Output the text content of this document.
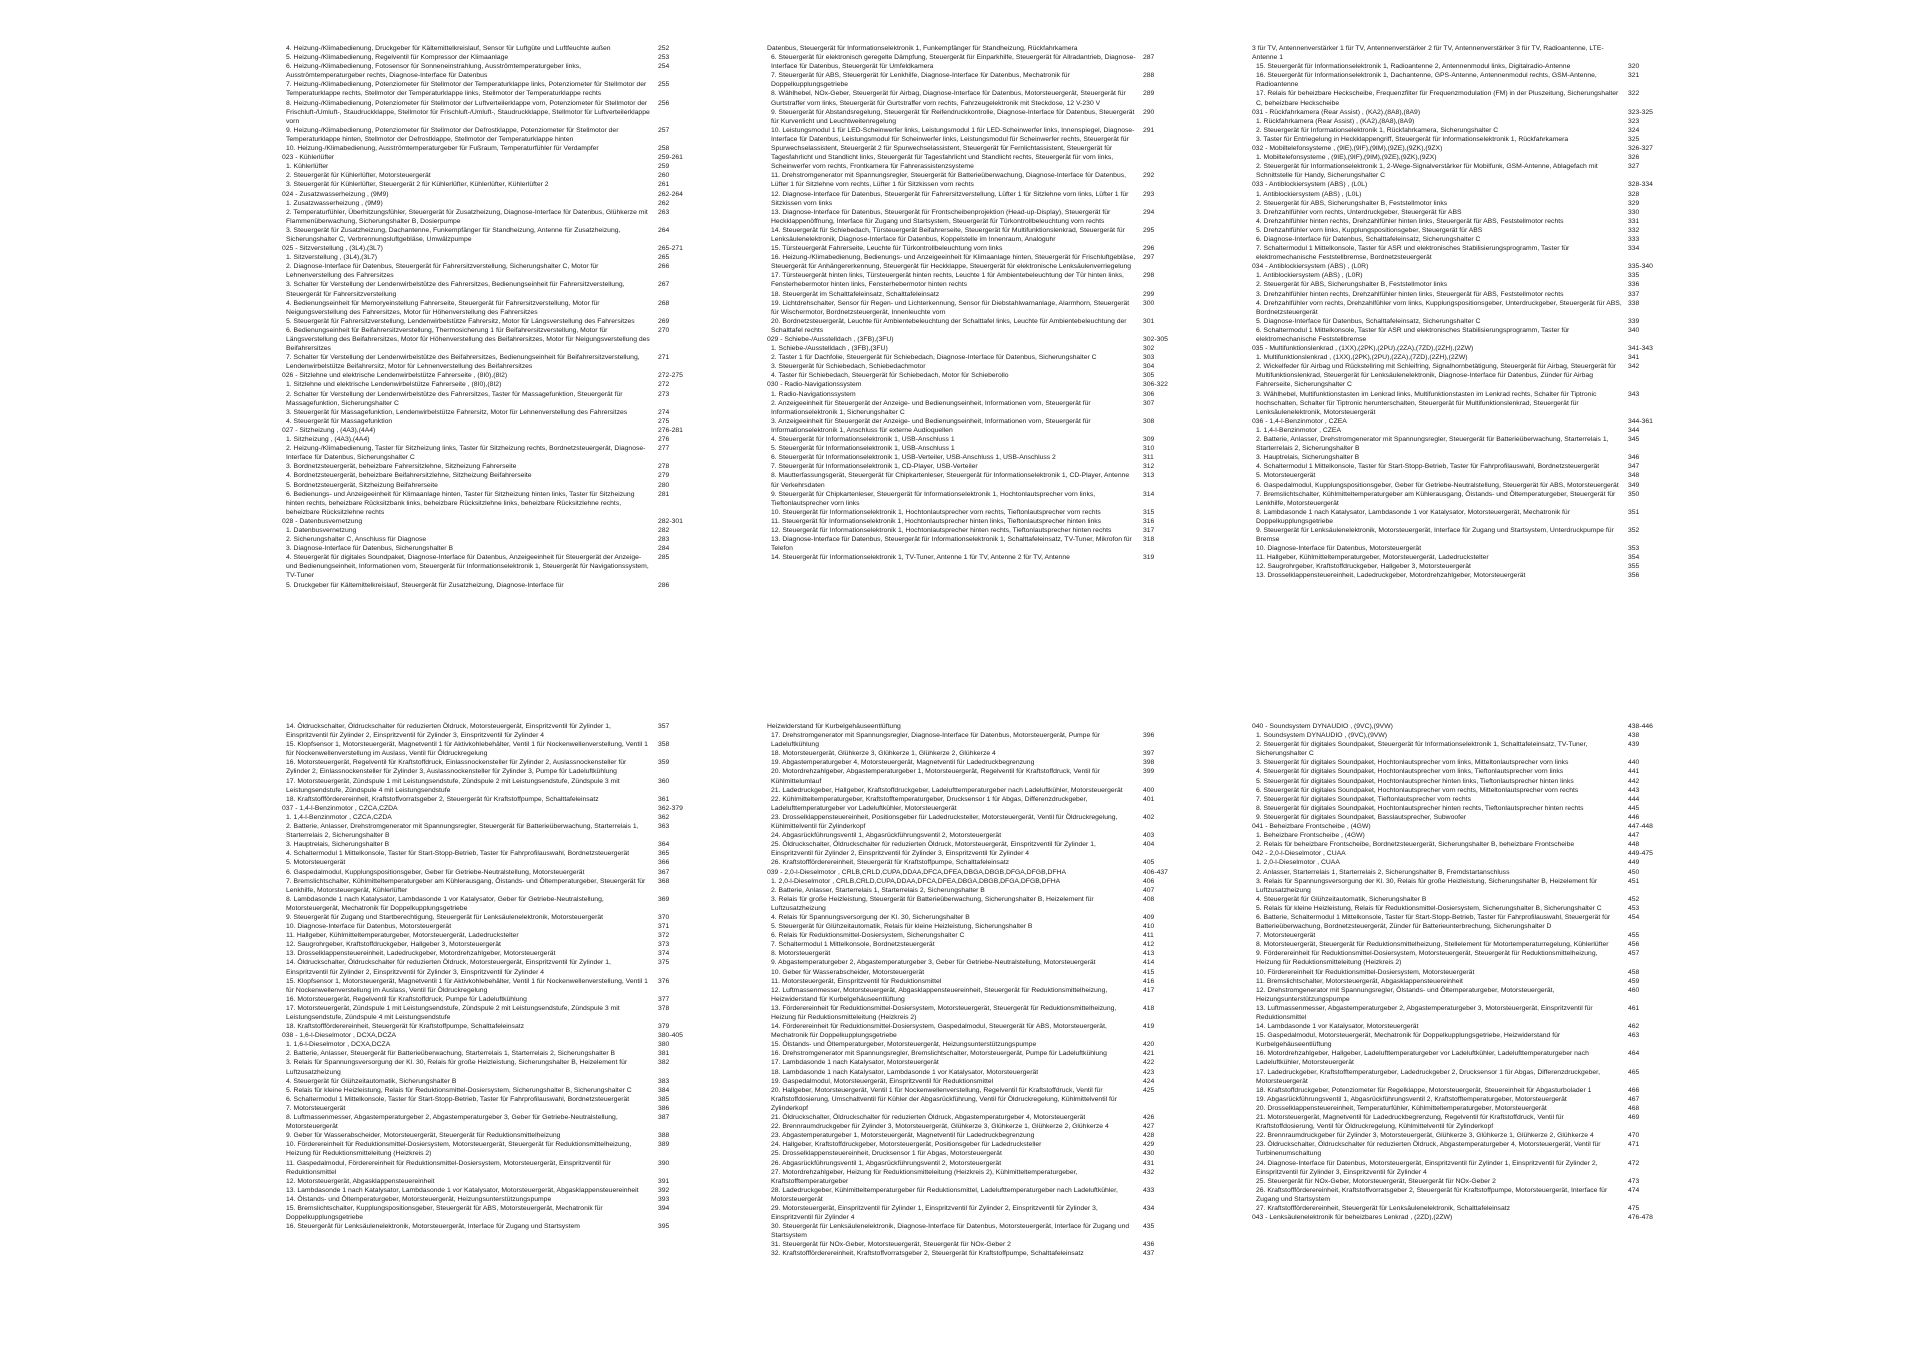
4. Heizung-/Klimabedienung, Druckgeber für Kältemittelkreislauf, Sensor für Luftgüte und Luftfeuchte außen	252
5. Heizung-/Klimabedienung, Regelventil für Kompressor der Klimaanlage	253
6. Heizung-/Klimabedienung, Fotosensor für Sonneneinstrahlung, Ausströmtemperaturgeber links, Ausströmtemperaturgeber rechts, Diagnose-Interface für Datenbus
254
7. Heizung-/Klimabedienung, Potenziometer für Stellmotor der Temperaturklappe links, Potenziometer für Stellmotor der Temperaturklappe rechts, Stellmotor der Temperaturklappe links, Stellmotor der Temperaturklappe rechts
255
8. Heizung-/Klimabedienung, Potenziometer für Stellmotor der Luftverteilerklappe vorn, Potenziometer für Stellmotor der Frischluft-/Umluft-, Staudruckklappe, Stellmotor für Frischluft-/Umluft-, Staudruckklappe, Stellmotor für Luftverteilerklappe vorn
256
9. Heizung-/Klimabedienung, Potenziometer für Stellmotor der Defrostklappe, Potenziometer für Stellmotor der Temperaturklappe hinten, Stellmotor der Defrostklappe, Stellmotor der Temperaturklappe hinten
257
10. Heizung-/Klimabedienung, Ausströmtemperaturgeber für Fußraum, Temperaturfühler für Verdampfer	258
023 - Kühlerlüfter	259-261
1. Kühlerlüfter	259
2. Steuergerät für Kühlerlüfter, Motorsteuergerät	260
3. Steuergerät für Kühlerlüfter, Steuergerät 2 für Kühlerlüfter, Kühlerlüfter, Kühlerlüfter 2	261
024 - Zusatzwasserheizung , (9M9)	262-264
1. Zusatzwasserheizung , (9M9)	262
2. Temperaturfühler, Überhitzungsfühler, Steuergerät für Zusatzheizung, Diagnose-Interface für Datenbus, Glühkerze mit Flammenüberwachung, Sicherungshalter B, Dosierpumpe
263
3. Steuergerät für Zusatzheizung, Dachantenne, Funkempfänger für Standheizung, Antenne für Zusatzheizung, Sicherungshalter C, Verbrennungsluftgebläse, Umwälzpumpe
264
025 - Sitzverstellung , (3L4),(3L7)	265-271
1. Sitzverstellung , (3L4),(3L7)	265
2. Diagnose-Interface für Datenbus, Steuergerät für Fahrersitzverstellung, Sicherungshalter C, Motor für Lehnenverstellung des Fahrersitzes
266
3. Schalter für Verstellung der Lendenwirbelstütze des Fahrersitzes, Bedienungseinheit für Fahrersitzverstellung, Steuergerät für Fahrersitzverstellung
267
4. Bedienungseinheit für Memoryeinstellung Fahrerseite, Steuergerät für Fahrersitzverstellung, Motor für Neigungsverstellung des Fahrersitzes, Motor für Höhenverstellung des Fahrersitzes
268
5. Steuergerät für Fahrersitzverstellung, Lendenwirbelstütze Fahrersitz, Motor für Längsverstellung des Fahrersitzes	269
6. Bedienungseinheit für Beifahrersitzverstellung, Thermosicherung 1 für Beifahrersitzverstellung, Motor für Längsverstellung des Beifahrersitzes, Motor für Höhenverstellung des Beifahrersitzes, Motor für Neigungsverstellung des Beifahrersitzes
270
7. Schalter für Verstellung der Lendenwirbelstütze des Beifahrersitzes, Bedienungseinheit für Beifahrersitzverstellung, Lendenwirbelstütze Beifahrersitz, Motor für Lehnenverstellung des Beifahrersitzes
271
026 - Sitzlehne und elektrische Lendenwirbelstütze Fahrerseite , (8I0),(8I2)	272-275
1. Sitzlehne und elektrische Lendenwirbelstütze Fahrerseite , (8I0),(8I2)	272
2. Schalter für Verstellung der Lendenwirbelstütze des Fahrersitzes, Taster für Massagefunktion, Steuergerät für Massagefunktion, Sicherungshalter C
273
3. Steuergerät für Massagefunktion, Lendenwirbelstütze Fahrersitz, Motor für Lehnenverstellung des Fahrersitzes	274
4. Steuergerät für Massagefunktion	275
027 - Sitzheizung , (4A3),(4A4)	276-281
1. Sitzheizung , (4A3),(4A4)	276
2. Heizung-/Klimabedienung, Taster für Sitzheizung links, Taster für Sitzheizung rechts, Bordnetzsteuergerät, Diagnose-Interface für Datenbus, Sicherungshalter C
277
3. Bordnetzsteuergerät, beheizbare Fahrersitzlehne, Sitzheizung Fahrerseite	278
4. Bordnetzsteuergerät, beheizbare Beifahrersitzlehne, Sitzheizung Beifahrerseite	279
5. Bordnetzsteuergerät, Sitzheizung Beifahrerseite	280
6. Bedienungs- und Anzeigeeinheit für Klimaanlage hinten, Taster für Sitzheizung hinten links, Taster für Sitzheizung hinten rechts, beheizbare Rücksitzbank links, beheizbare Rücksitzlehne links, beheizbare Rücksitzlehne rechts, beheizbare Rücksitzlehne rechts
281
028 - Datenbusvernetzung	282-301
1. Datenbusvernetzung	282
2. Sicherungshalter C, Anschluss für Diagnose	283
3. Diagnose-Interface für Datenbus, Sicherungshalter B	284
4. Steuergerät für digitales Soundpaket, Diagnose-Interface für Datenbus, Anzeigeeinheit für Steuergerät der Anzeige- und Bedienungseinheit, Informationen vorn, Steuergerät für Informationselektronik 1, Steuergerät für Navigationssystem, TV-Tuner
285
5. Druckgeber für Kältemittelkreislauf, Steuergerät für Zusatzheizung, Diagnose-Interface für	286
Datenbus, Steuergerät für Informationselektronik 1, Funkempfänger für Standheizung, Rückfahrkamera
6. Steuergerät für elektronisch geregelte Dämpfung, Steuergerät für Einparkhilfe, Steuergerät für Allradantrieb, Diagnose-Interface für Datenbus, Steuergerät für Umfeldkamera
287
7. Steuergerät für ABS, Steuergerät für Lenkhilfe, Diagnose-Interface für Datenbus, Mechatronik für Doppelkupplungsgetriebe
288
8. Wählhebel, NOx-Geber, Steuergerät für Airbag, Diagnose-Interface für Datenbus, Motorsteuergerät, Steuergerät für Gurtstraffer vorn links, Steuergerät für Gurtstraffer vorn rechts, Fahrzeugelektronik mit Steckdose, 12 V-230 V
289
9. Steuergerät für Abstandsregelung, Steuergerät für Reifendruckkontrolle, Diagnose-Interface für Datenbus, Steuergerät für Kurvenlicht und Leuchtweitenregelung
290
10. Leistungsmodul 1 für LED-Scheinwerfer links, Leistungsmodul 1 für LED-Scheinwerfer links, Innenspiegel, Diagnose-Interface für Datenbus, Leistungsmodul für Scheinwerfer links, Leistungsmodul für Scheinwerfer rechts, Steuergerät für Spurwechselassistent, Steuergerät 2 für Spurwechselassistent, Steuergerät für Fernlichtassistent, Steuergerät für Tagesfahrlicht und Standlicht links, Steuergerät für Tagesfahrlicht und Standlicht rechts, Steuergerät für vorn links, Scheinwerfer vorn rechts, Frontkamera für Fahrerassistenzsysteme
291
11. Drehstromgenerator mit Spannungsregler, Steuergerät für Batterieüberwachung, Diagnose-Interface für Datenbus, Lüfter 1 für Sitzlehne vorn rechts, Lüfter 1 für Sitzkissen vorn rechts
292
12. Diagnose-Interface für Datenbus, Steuergerät für Fahrersitzverstellung, Lüfter 1 für Sitzlehne vorn links, Lüfter 1 für Sitzkissen vorn links
293
13. Diagnose-Interface für Datenbus, Steuergerät für Frontscheibenprojektion (Head-up-Display), Steuergerät für Heckklappenöffnung, Interface für Zugang und Startsystem, Steuergerät für Türkontrollbeleuchtung vorn rechts
294
14. Steuergerät für Schiebedach, Türsteuergerät Beifahrerseite, Steuergerät für Multifunktionslenkrad, Steuergerät für Lenksäulenelektronik, Diagnose-Interface für Datenbus, Koppelstelle im Innenraum, Analoguhr
295
15. Türsteuergerät Fahrerseite, Leuchte für Türkontrollbeleuchtung vorn links	296
16. Heizung-/Klimabedienung, Bedienungs- und Anzeigeeinheit für Klimaanlage hinten, Steuergerät für Frischluftgebläse, Steuergerät für Anhängererkennung, Steuergerät für Heckklappe, Steuergerät für elektronische Lenksäulenverriegelung
297
17. Türsteuergerät hinten links, Türsteuergerät hinten rechts, Leuchte 1 für Ambientebeleuchtung der Tür hinten links, Fensterhebermotor hinten links, Fensterhebermotor hinten rechts
298
18. Steuergerät im Schalttafeleinsatz, Schalttafeleinsatz	299
19. Lichtdrehschalter, Sensor für Regen- und Lichterkennung, Sensor für Diebstahlwarnanlage, Alarmhorn, Steuergerät für Wischermotor, Bordnetzsteuergerät, Innenleuchte vorn
300
20. Bordnetzsteuergerät, Leuchte für Ambientebeleuchtung der Schalttafel links, Leuchte für Ambientebeleuchtung der Schalttafel rechts
301
029 - Schiebe-/Ausstelldach , (3FB),(3FU)	302-305
1. Schiebe-/Ausstelldach , (3FB),(3FU)	302
2. Taster 1 für Dachfolie, Steuergerät für Schiebedach, Diagnose-Interface für Datenbus, Sicherungshalter C	303
3. Steuergerät für Schiebedach, Schiebedachmotor	304
4. Taster für Schiebedach, Steuergerät für Schiebedach, Motor für Schieberollo	305
030 - Radio-Navigationssystem	306-322
1. Radio-Navigationssystem	306
2. Anzeigeeinheit für Steuergerät der Anzeige- und Bedienungseinheit, Informationen vorn, Steuergerät für Informationselektronik 1, Sicherungshalter C
307
3. Anzeigeeinheit für Steuergerät der Anzeige- und Bedienungseinheit, Informationen vorn, Steuergerät für Informationselektronik 1, Anschluss für externe Audioquellen
308
4. Steuergerät für Informationselektronik 1, USB-Anschluss 1	309
5. Steuergerät für Informationselektronik 1, USB-Anschluss 1	310
6. Steuergerät für Informationselektronik 1, USB-Verteiler, USB-Anschluss 1, USB-Anschluss 2	311
7. Steuergerät für Informationselektronik 1, CD-Player, USB-Verteiler	312
8. Mautterfassungsgerät, Steuergerät für Chipkartenleser, Steuergerät für Informationselektronik 1, CD-Player, Antenne für Verkehrsdaten
313
9. Steuergerät für Chipkartenleser, Steuergerät für Informationselektronik 1, Hochtonlautsprecher vorn links, Tieftonlautsprecher vorn links
314
10. Steuergerät für Informationselektronik 1, Hochtonlautsprecher vorn rechts, Tieftonlautsprecher vorn rechts	315
11. Steuergerät für Informationselektronik 1, Hochtonlautsprecher hinten links, Tieftonlautsprecher hinten links	316
12. Steuergerät für Informationselektronik 1, Hochtonlautsprecher hinten rechts, Tieftonlautsprecher hinten rechts	317
13. Diagnose-Interface für Datenbus, Steuergerät für Informationselektronik 1, Schalttafeleinsatz, TV-Tuner, Mikrofon für Telefon
318
14. Steuergerät für Informationselektronik 1, TV-Tuner, Antenne 1 für TV, Antenne 2 für TV, Antenne	319
3 für TV, Antennenverstärker 1 für TV, Antennenverstärker 2 für TV, Antennenverstärker 3 für TV, Radioantenne, LTE-Antenne 1
15. Steuergerät für Informationselektronik 1, Radioantenne 2, Antennenmodul links, Digitalradio-Antenne	320
16. Steuergerät für Informationselektronik 1, Dachantenne, GPS-Antenne, Antennenmodul rechts, GSM-Antenne, Radioantenne
321
17. Relais für beheizbare Heckscheibe, Frequenzfilter für Frequenzmodulation (FM) in der Pluszeitung, Sicherungshalter C, beheizbare Heckscheibe
322
031 - Rückfahrkamera (Rear Assist) , (KA2),(8A8),(8A9)	323-325
1. Rückfahrkamera (Rear Assist) , (KA2),(8A8),(8A9)	323
2. Steuergerät für Informationselektronik 1, Rückfahrkamera, Sicherungshalter C	324
3. Taster für Entriegelung in Heckklappengriff, Steuergerät für Informationselektronik 1, Rückfahrkamera	325
032 - Mobiltelefonsysteme , (9IE),(9IF),(9IM),(9ZE),(9ZK),(9ZX)	326-327
1. Mobiltelefonsysteme , (9IE),(9IF),(9IM),(9ZE),(9ZK),(9ZX)	326
2. Steuergerät für Informationselektronik 1, 2-Wege-Signalverstärker für Mobilfunk, GSM-Antenne, Ablagefach mit Schnittstelle für Handy, Sicherungshalter C
327
033 - Antiblockiersystem (ABS) , (L0L)	328-334
1. Antiblockiersystem (ABS) , (L0L)	328
2. Steuergerät für ABS, Sicherungshalter B, Feststellmotor links	329
3. Drehzahlfühler vorn rechts, Unterdruckgeber, Steuergerät für ABS	330
4. Drehzahlfühler hinten rechts, Drehzahlfühler hinten links, Steuergerät für ABS, Feststellmotor rechts	331
5. Drehzahlfühler vorn links, Kupplungspositionsgeber, Steuergerät für ABS	332
6. Diagnose-Interface für Datenbus, Schalttafeleinsatz, Sicherungshalter C	333
7. Schaltermodul 1 Mittelkonsole, Taster für ASR und elektronisches Stabilisierungsprogramm, Taster für elektromechanische Feststellbremse, Bordnetzsteuergerät
334
034 - Antiblockiersystem (ABS) , (L0R)	335-340
1. Antiblockiersystem (ABS) , (L0R)	335
2. Steuergerät für ABS, Sicherungshalter B, Feststellmotor links	336
3. Drehzahlfühler hinten rechts, Drehzahlfühler hinten links, Steuergerät für ABS, Feststellmotor rechts	337
4. Drehzahlfühler vorn rechts, Drehzahlfühler vorn links, Kupplungspositionsgeber, Unterdruckgeber, Steuergerät für ABS, Bordnetzsteuergerät
338
5. Diagnose-Interface für Datenbus, Schalttafeleinsatz, Sicherungshalter C	339
6. Schaltermodul 1 Mittelkonsole, Taster für ASR und elektronisches Stabilisierungsprogramm, Taster für elektromechanische Feststellbremse
340
035 - Multifunktionslenkrad , (1XX),(2PK),(2PU),(2ZA),(7ZD),(2ZH),(2ZW)	341-343
1. Multifunktionslenkrad , (1XX),(2PK),(2PU),(2ZA),(7ZD),(2ZH),(2ZW)	341
2. Wickelfeder für Airbag und Rückstellring mit Schleifring, Signalhornbetätigung, Steuergerät für Airbag, Steuergerät für Multifunktionslenkrad, Steuergerät für Lenksäulenelektronik, Diagnose-Interface für Datenbus, Zünder für Airbag Fahrerseite, Sicherungshalter C
342
3. Wählhebel, Multifunktionstasten im Lenkrad links, Multifunktionstasten im Lenkrad rechts, Schalter für Tiptronic hochschalten, Schalter für Tiptronic herunterschalten, Steuergerät für Multifunktionslenkrad, Steuergerät für Lenksäulenelektronik, Motorsteuergerät
343
036 - 1,4-l-Benzinmotor , CZEA	344-361
1. 1,4-l-Benzinmotor , CZEA	344
2. Batterie, Anlasser, Drehstromgenerator mit Spannungsregler, Steuergerät für Batterieüberwachung, Starterrelais 1, Starterrelais 2, Sicherungshalter B
345
3. Hauptrelais, Sicherungshalter B	346
4. Schaltermodul 1 Mittelkonsole, Taster für Start-Stopp-Betrieb, Taster für Fahrprofilauswahl, Bordnetzsteuergerät	347
5. Motorsteuergerät	348
6. Gaspedalmodul, Kupplungspositionsgeber, Geber für Getriebe-Neutralstellung, Steuergerät für ABS, Motorsteuergerät	349
7. Bremslichtschalter, Kühlmitteltemperaturgeber am Kühlerausgang, Öistands- und Öltemperaturgeber, Steuergerät für Lenkhilfe, Motorsteuergerät
350
8. Lambdasonde 1 nach Katalysator, Lambdasonde 1 vor Katalysator, Motorsteuergerät, Mechatronik für Doppelkupplungsgetriebe
351
9. Steuergerät für Lenksäulenelektronik, Motorsteuergerät, Interface für Zugang und Startsystem, Unterdruckpumpe für Bremse
352
10. Diagnose-Interface für Datenbus, Motorsteuergerät	353
11. Hallgeber, Kühlmitteltemperaturgeber, Motorsteuergerät, Ladedruckstelter	354
12. Saugrohrgeber, Kraftstoffdruckgeber, Hallgeber 3, Motorsteuergerät	355
13. Drosselklappensteuereinheit, Ladedruckgeber, Motordrehzahlgeber, Motorsteuergerät	356
14. Öldruckschalter, Öldruckschalter für reduzierten Öldruck, Motorsteuergerät, Einspritzventil für Zylinder 1, Einspritzventil für Zylinder 2, Einspritzventil für Zylinder 3, Einspritzventil für Zylinder 4
357
15. Klopfsensor 1, Motorsteuergerät, Magnetventil 1 für Aktivkohlebehälter, Ventil 1 für Nockenwellenverstellung, Ventil 1 für Nockenwellenverstellung im Auslass, Ventil für Öldruckregelung
358
16. Motorsteuergerät, Regelventil für Kraftstoffdruck, Einlassnockensteller für Zylinder 2, Auslassnockensteller für Zylinder 2, Einlassnockensteller für Zylinder 3, Auslassnockensteller für Zylinder 3, Pumpe für Ladeluftkühlung
359
17. Motorsteuergerät, Zündspule 1 mit Leistungsendstufe, Zündspule 2 mit Leistungsendstufe, Zündspule 3 mit Leistungsendstufe, Zündspule 4 mit Leistungsendstufe
360
18. Kraftstoffförderereinheit, Kraftstoffvorratsgeber 2, Steuergerät für Kraftstoffpumpe, Schalttafeleinsatz	361
037 - 1,4-l-Benzinmotor , CZCA,CZDA	362-379
1. 1,4-l-Benzinmotor , CZCA,CZDA	362
2. Batterie, Anlasser, Drehstromgenerator mit Spannungsregler, Steuergerät für Batterieüberwachung, Starterrelais 1, Starterrelais 2, Sicherungshalter B
363
3. Hauptrelais, Sicherungshalter B	364
4. Schaltermodul 1 Mittelkonsole, Taster für Start-Stopp-Betrieb, Taster für Fahrprofilauswahl, Bordnetzsteuergerät	365
5. Motorsteuergerät	366
6. Gaspedalmodul, Kupplungspositionsgeber, Geber für Getriebe-Neutralstellung, Motorsteuergerät	367
7. Bremslichtschalter, Kühlmitteltemperaturgeber am Kühlerausgang, Öistands- und Öltemperaturgeber, Steuergerät für Lenkhilfe, Motorsteuergerät, Kühlerlüfter
368
8. Lambdasonde 1 nach Katalysator, Lambdasonde 1 vor Katalysator, Geber für Getriebe-Neutralstellung, Motorsteuergerät, Mechatronik für Doppelkupplungsgetriebe
369
9. Steuergerät für Zugang und Startberechtigung, Steuergerät für Lenksäulenelektronik, Motorsteuergerät	370
10. Diagnose-Interface für Datenbus, Motorsteuergerät	371
11. Hallgeber, Kühlmitteltemperaturgeber, Motorsteuergerät, Ladedruckstelter	372
12. Saugrohrgeber, Kraftstoffdruckgeber, Hallgeber 3, Motorsteuergerät	373
13. Drosselklappensteuereinheit, Ladedruckgeber, Motordrehzahlgeber, Motorsteuergerät	374
14. Öldruckschalter, Öldruckschalter für reduzierten Öldruck, Motorsteuergerät, Einspritzventil für Zylinder 1, Einspritzventil für Zylinder 2, Einspritzventil für Zylinder 3, Einspritzventil für Zylinder 4
375
15. Klopfsensor 1, Motorsteuergerät, Magnetventil 1 für Aktivkohlebehälter, Ventil 1 für Nockenwellenverstellung, Ventil 1 für Nockenwellenverstellung im Auslass, Ventil für Öldruckregelung
376
16. Motorsteuergerät, Regelventil für Kraftstoffdruck, Pumpe für Ladeluftkühlung	377
17. Motorsteuergerät, Zündspule 1 mit Leistungsendstufe, Zündspule 2 mit Leistungsendstufe, Zündspule 3 mit Leistungsendstufe, Zündspule 4 mit Leistungsendstufe
378
18. Kraftstoffförderereinheit, Steuergerät für Kraftstoffpumpe, Schalttafeleinsatz	379
038 - 1,6-l-Dieselmotor , DCXA,DCZA	380-405
1. 1,6-l-Dieselmotor , DCXA,DCZA	380
2. Batterie, Anlasser, Steuergerät für Batterieüberwachung, Starterrelais 1, Starterrelais 2, Sicherungshalter B	381
3. Relais für Spannungsversorgung der Kl. 30, Relais für große Heizleistung, Sicherungshalter B, Heizelement für Luftzusatzheizung
382
4. Steuergerät für Glühzeitautomatik, Sicherungshalter B	383
5. Relais für kleine Heizleistung, Relais für Reduktionsmittel-Dosiersystem, Sicherungshalter B, Sicherungshalter C	384
6. Schaltermodul 1 Mittelkonsole, Taster für Start-Stopp-Betrieb, Taster für Fahrprofilauswahl, Bordnetzsteuergerät	385
7. Motorsteuergerät	386
8. Luftmassenmesser, Abgastemperaturgeber 2, Abgastemperaturgeber 3, Geber für Getriebe-Neutralstellung, Motorsteuergerät
387
9. Geber für Wasserabscheider, Motorsteuergerät, Steuergerät für Reduktionsmittelheizung	388
10. Förderereinheit für Reduktionsmittel-Dosiersystem, Motorsteuergerät, Steuergerät für Reduktionsmittelheizung, Heizung für Reduktionsmitteleitung (Heizkreis 2)
389
11. Gaspedalmodul, Förderereinheit für Reduktionsmittel-Dosiersystem, Motorsteuergerät, Einspritzventil für Reduktionsmittel
390
12. Motorsteuergerät, Abgasklappensteuereinheit	391
13. Lambdasonde 1 nach Katalysator, Lambdasonde 1 vor Katalysator, Motorsteuergerät, Abgasklappensteuereinheit	392
14. Ölstands- und Öltemperaturgeber, Motorsteuergerät, Heizungsunterstützungspumpe	393
15. Bremslichtschalter, Kupplungspositionsgeber, Steuergerät für ABS, Motorsteuergerät, Mechatronik für Doppelkupplungsgetriebe
394
16. Steuergerät für Lenksäulenelektronik, Motorsteuergerät, Interface für Zugang und Startsystem	395
Heizwiderstand für Kurbelgehäuseentlüftung
17. Drehstromgenerator mit Spannungsregler, Diagnose-Interface für Datenbus, Motorsteuergerät, Pumpe für Ladeluftkühlung
396
18. Motorsteuergerät, Glühkerze 3, Glühkerze 1, Glühkerze 2, Glühkerze 4	397
19. Abgastemperaturgeber 4, Motorsteuergerät, Magnetventil für Ladedruckbegrenzung	398
20. Motordrehzahlgeber, Abgastemperaturgeber 1, Motorsteuergerät, Regelventil für Kraftstoffdruck, Ventil für Kühlmittelumlauf
399
21. Ladedruckgeber, Hallgeber, Kraftstoffdruckgeber, Ladelufttemperaturgeber nach Ladeluftkühler, Motorsteuergerät	400
22. Kühlmitteltemperaturgeber, Kraftstofftemperaturgeber, Drucksensor 1 für Abgas, Differenzdruckgeber, Ladelufttemperaturgeber vor Ladeluftkühler, Motorsteuergerät
401
23. Drosselklappensteuereinheit, Positionsgeber für Ladedrucksteller, Motorsteuergerät, Ventil für Öldruckregelung, Kühlmittelventil für Zylinderkopf
402
24. Abgasrückführungsventil 1, Abgasrückführungsventil 2, Motorsteuergerät	403
25. Öldruckschalter, Öldruckschalter für reduzierten Öldruck, Motorsteuergerät, Einspritzventil für Zylinder 1, Einspritzventil für Zylinder 2, Einspritzventil für Zylinder 3, Einspritzventil für Zylinder 4
404
26. Kraftstoffförderereinheit, Steuergerät für Kraftstoffpumpe, Schalttafeleinsatz	405
039 - 2,0-l-Dieselmotor , CRLB,CRLD,CUPA,DDAA,DFCA,DFEA,DBGA,DBGB,DFGA,DFGB,DFHA	406-437
1. 2,0-l-Dieselmotor , CRLB,CRLD,CUPA,DDAA,DFCA,DFEA,DBGA,DBGB,DFGA,DFGB,DFHA	406
2. Batterie, Anlasser, Starterrelais 1, Starterrelais 2, Sicherungshalter B	407
3. Relais für große Heizleistung, Steuergerät für Batterieüberwachung, Sicherungshalter B, Heizelement für Luftzusatzheizung
408
4. Relais für Spannungsversorgung der Kl. 30, Sicherungshalter B	409
5. Steuergerät für Glühzeitautomatik, Relais für kleine Heizleistung, Sicherungshalter B	410
6. Relais für Reduktionsmittel-Dosiersystem, Sicherungshalter C	411
7. Schaltermodul 1 Mittelkonsole, Bordnetzsteuergerät	412
8. Motorsteuergerät	413
9. Abgastemperaturgeber 2, Abgastemperaturgeber 3, Geber für Getriebe-Neutralstellung, Motorsteuergerät	414
10. Geber für Wasserabscheider, Motorsteuergerät	415
11. Motorsteuergerät, Einspritzventil für Reduktionsmittel	416
12. Luftmassenmesser, Motorsteuergerät, Abgasklappensteuereinheit, Steuergerät für Reduktionsmittelheizung, Heizwiderstand für Kurbelgehäuseentlüftung
417
13. Förderereinheit für Reduktionsmittel-Dosiersystem, Motorsteuergerät, Steuergerät für Reduktionsmittelheizung, Heizung für Reduktionsmitteleitung (Heizkreis 2)
418
14. Förderereinheit für Reduktionsmittel-Dosiersystem, Gaspedalmodul, Steuergerät für ABS, Motorsteuergerät, Mechatronik für Doppelkupplungsgetriebe
419
15. Ölstands- und Öltemperaturgeber, Motorsteuergerät, Heizungsunterstützungspumpe	420
16. Drehstromgenerator mit Spannungsregler, Bremslichtschalter, Motorsteuergerät, Pumpe für Ladeluftkühlung	421
17. Lambdasonde 1 nach Katalysator, Motorsteuergerät	422
18. Lambdasonde 1 nach Katalysator, Lambdasonde 1 vor Katalysator, Motorsteuergerät	423
19. Gaspedalmodul, Motorsteuergerät, Einspritzventil für Reduktionsmittel	424
20. Hallgeber, Motorsteuergerät, Ventil 1 für Nockenwellenverstellung, Regelventil für Kraftstoffdruck, Ventil für Kraftstoffdosierung, Umschaltventil für Kühler der Abgasrückführung, Ventil für Öldruckregelung, Kühlmittelventil für Zylinderkopf
425
21. Öldruckschalter, Öldruckschalter für reduzierten Öldruck, Abgastemperaturgeber 4, Motorsteuergerät	426
22. Brennraumdruckgeber für Zylinder 3, Motorsteuergerät, Glühkerze 3, Glühkerze 1, Glühkerze 2, Glühkerze 4	427
23. Abgastemperaturgeber 1, Motorsteuergerät, Magnetventil für Ladedruckbegrenzung	428
24. Hallgeber, Kraftstoffdruckgeber, Motorsteuergerät, Positionsgeber für Ladedrucksteller	429
25. Drosselklappensteuereinheit, Drucksensor 1 für Abgas, Motorsteuergerät	430
26. Abgasrückführungsventil 1, Abgasrückführungsventil 2, Motorsteuergerät	431
27. Motordrehzahlgeber, Heizung für Reduktionsmitteleitung (Heizkreis 2), Kühlmitteltemperaturgeber, Kraftstofftemperaturgeber
432
28. Ladedruckgeber, Kühlmitteltemperaturgeber für Reduktionsmittel, Ladelufttemperaturgeber nach Ladeluftkühler, Motorsteuergerät
433
29. Motorsteuergerät, Einspritzventil für Zylinder 1, Einspritzventil für Zylinder 2, Einspritzventil für Zylinder 3, Einspritzventil für Zylinder 4
434
30. Steuergerät für Lenksäulenelektronik, Diagnose-Interface für Datenbus, Motorsteuergerät, Interface für Zugang und Startsystem
435
31. Steuergerät für NOx-Geber, Motorsteuergerät, Steuergerät für NOx-Geber 2	436
32. Kraftstoffförderereinheit, Kraftstoffvorratsgeber 2, Steuergerät für Kraftstoffpumpe, Schalttafeleinsatz	437
040 - Soundsystem DYNAUDIO , (9VC),(9VW)	438-446
1. Soundsystem DYNAUDIO , (9VC),(9VW)	438
2. Steuergerät für digitales Soundpaket, Steuergerät für Informationselektronik 1, Schalttafeleinsatz, TV-Tuner, Sicherungshalter C
439
3. Steuergerät für digitales Soundpaket, Hochtonlautsprecher vorn links, Mitteltonlautsprecher vorn links	440
4. Steuergerät für digitales Soundpaket, Hochtonlautsprecher vorn links, Tieftonlautsprecher vorn links	441
5. Steuergerät für digitales Soundpaket, Hochtonlautsprecher hinten links, Tieftonlautsprecher hinten links	442
6. Steuergerät für digitales Soundpaket, Hochtonlautsprecher vorn rechts, Mitteltonlautsprecher vorn rechts	443
7. Steuergerät für digitales Soundpaket, Tieftonlautsprecher vorn rechts	444
8. Steuergerät für digitales Soundpaket, Hochtonlautsprecher hinten rechts, Tieftonlautsprecher hinten rechts	445
9. Steuergerät für digitales Soundpaket, Basslautsprecher, Subwoofer	446
041 - Beheizbare Frontscheibe , (4GW)	447-448
1. Beheizbare Frontscheibe , (4GW)	447
2. Relais für beheizbare Frontscheibe, Bordnetzsteuergerät, Sicherungshalter B, beheizbare Frontscheibe	448
042 - 2,0-l-Dieselmotor , CUAA	449-475
1. 2,0-l-Dieselmotor , CUAA	449
2. Anlasser, Starterrelais 1, Starterrelais 2, Sicherungshalter B, Fremdstartanschluss	450
3. Relais für Spannungsversorgung der Kl. 30, Relais für große Heizleistung, Sicherungshalter B, Heizelement für Luftzusatzheizung
451
4. Steuergerät für Glühzeitautomatik, Sicherungshalter B	452
5. Relais für kleine Heizleistung, Relais für Reduktionsmittel-Dosiersystem, Sicherungshalter B, Sicherungshalter C	453
6. Batterie, Schaltermodul 1 Mittelkonsole, Taster für Start-Stopp-Betrieb, Taster für Fahrprofilauswahl, Steuergerät für Batterieüberwachung, Bordnetzsteuergerät, Zünder für Batterieunterbrechung, Sicherungshalter D
454
7. Motorsteuergerät	455
8. Motorsteuergerät, Steuergerät für Reduktionsmittelheizung, Stellelement für Motortemperaturregelung, Kühlerlüfter	456
9. Förderereinheit für Reduktionsmittel-Dosiersystem, Motorsteuergerät, Steuergerät für Reduktionsmittelheizung, Heizung für Reduktionsmitteleitung (Heizkreis 2)
457
10. Förderereinheit für Reduktionsmittel-Dosiersystem, Motorsteuergerät	458
11. Bremslichtschalter, Motorsteuergerät, Abgasklappensteuereinheit	459
12. Drehstromgenerator mit Spannungsregler, Ölstands- und Öltemperaturgeber, Motorsteuergerät, Heizungsunterstützungspumpe
460
13. Luftmassenmesser, Abgastemperaturgeber 2, Abgastemperaturgeber 3, Motorsteuergerät, Einspritzventil für Reduktionsmittel
461
14. Lambdasonde 1 vor Katalysator, Motorsteuergerät	462
15. Gaspedalmodul, Motorsteuergerät, Mechatronik für Doppelkupplungsgetriebe, Heizwiderstand für Kurbelgehäuseentlüftung
463
16. Motordrehzahlgeber, Hallgeber, Ladelufttemperaturgeber vor Ladeluftkühler, Ladelufttemperaturgeber nach Ladeluftkühler, Motorsteuergerät
464
17. Ladedruckgeber, Kraftstofftemperaturgeber, Ladedruckgeber 2, Drucksensor 1 für Abgas, Differenzdruckgeber, Motorsteuergerät
465
18. Kraftstoffdruckgeber, Potenziometer für Regelklappe, Motorsteuergerät, Steuereinheit für Abgasturbolader 1	466
19. Abgasrückführungsventil 1, Abgasrückführungsventil 2, Kraftstofftemperaturgeber, Motorsteuergerät	467
20. Drosselklappensteuereinheit, Temperaturfühler, Kühlmitteltemperaturgeber, Motorsteuergerät	468
21. Motorsteuergerät, Magnetventil für Ladedruckbegrenzung, Regelventil für Kraftstoffdruck, Ventil für Kraftstoffdosierung, Ventil für Öldruckregelung, Kühlmittelventil für Zylinderkopf
469
22. Brennraumdruckgeber für Zylinder 3, Motorsteuergerät, Glühkerze 3, Glühkerze 1, Glühkerze 2, Glühkerze 4	470
23. Öldruckschalter, Öldruckschalter für reduzierten Öldruck, Abgastemperaturgeber 4, Motorsteuergerät, Ventil für Turbinenumschaltung
471
24. Diagnose-Interface für Datenbus, Motorsteuergerät, Einspritzventil für Zylinder 1, Einspritzventil für Zylinder 2, Einspritzventil für Zylinder 3, Einspritzventil für Zylinder 4
472
25. Steuergerät für NOx-Geber, Motorsteuergerät, Steuergerät für NOx-Geber 2	473
26. Kraftstoffförderereinheit, Kraftstoffvorratsgeber 2, Steuergerät für Kraftstoffpumpe, Motorsteuergerät, Interface für Zugang und Startsystem
474
27. Kraftstoffförderereinheit, Steuergerät für Lenksäulenelektronik, Schalttafeleinsatz	475
043 - Lenksäulenelektronik für beheizbares Lenkrad , (2ZD),(2ZW)	476-478
